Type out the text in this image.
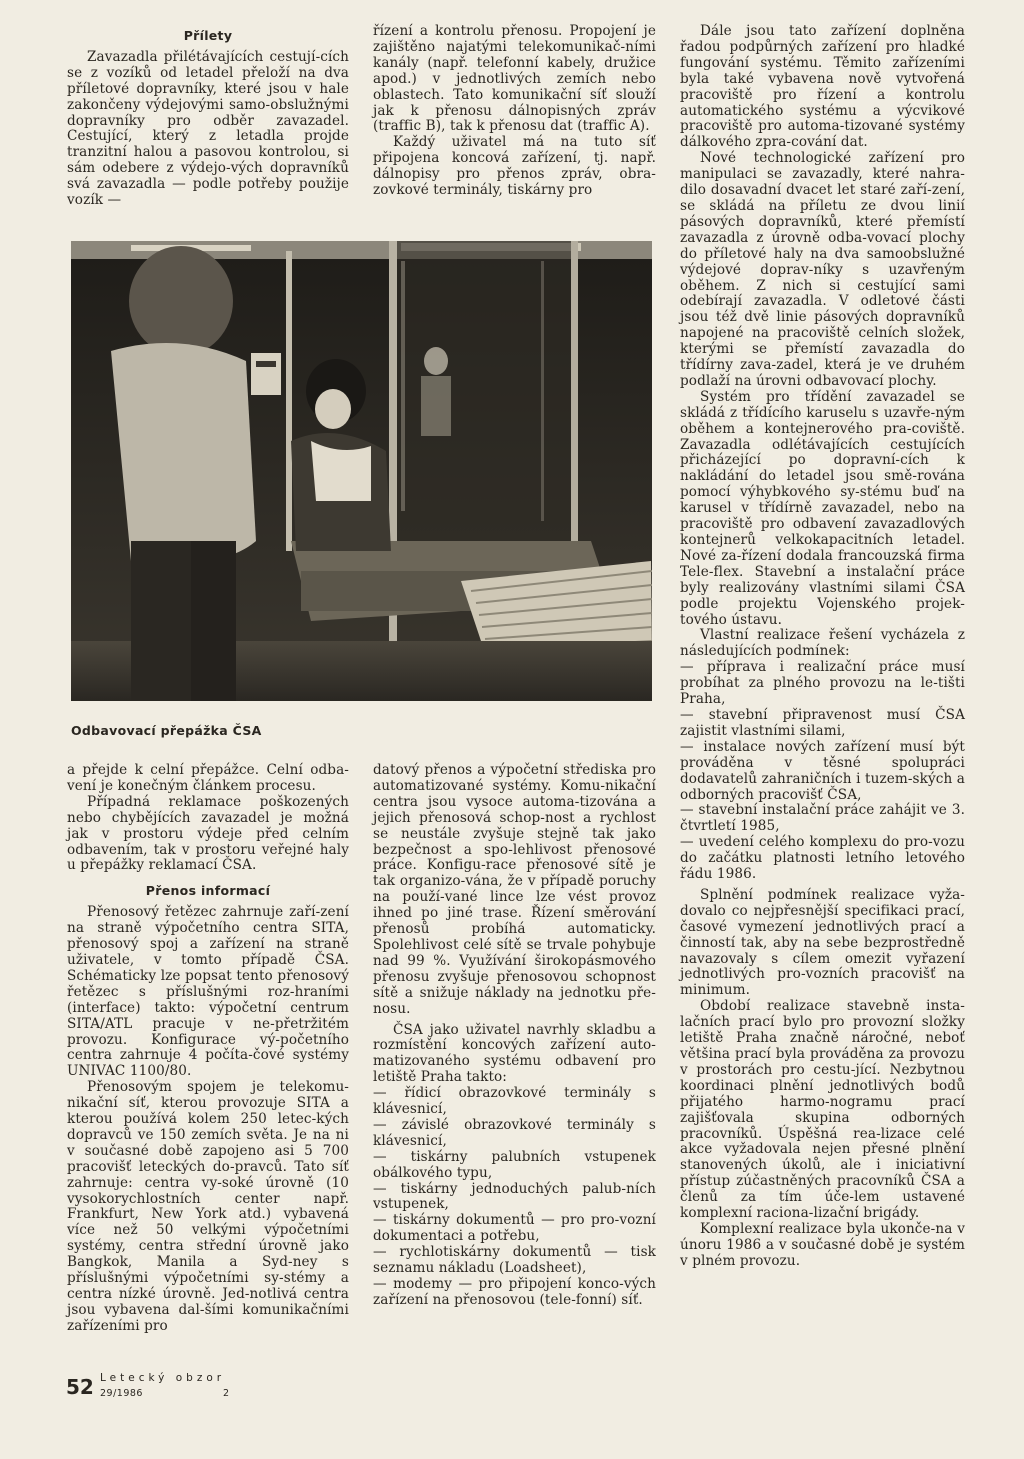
Přílety

Zavazadla přilétávajících cestují-cích se z vozíků od letadel přeloží na dva příletové dopravníky, které jsou v hale zakončeny výdejovými samo-obslužnými dopravníky pro odběr zavazadel. Cestující, který z letadla projde tranzitní halou a pasovou kontrolou, si sám odebere z výdejo-vých dopravníků svá zavazadla — podle potřeby použije vozík —

řízení a kontrolu přenosu. Propojení je zajištěno najatými telekomunikač-ními kanály (např. telefonní kabely, družice apod.) v jednotlivých zemích nebo oblastech. Tato komunikační síť slouží jak k přenosu dálnopisných zpráv (traffic B), tak k přenosu dat (traffic A).

Každý uživatel má na tuto síť připojena koncová zařízení, tj. např. dálnopisy pro přenos zpráv, obra-zovkové terminály, tiskárny pro

Odbavovací přepážka ČSA

a přejde k celní přepážce. Celní odba-vení je konečným článkem procesu.

Případná reklamace poškozených nebo chybějících zavazadel je možná jak v prostoru výdeje před celním odbavením, tak v prostoru veřejné haly u přepážky reklamací ČSA.

Přenos informací

Přenosový řetězec zahrnuje zaří-zení na straně výpočetního centra SITA, přenosový spoj a zařízení na straně uživatele, v tomto případě ČSA. Schématicky lze popsat tento přenosový řetězec s příslušnými roz-hraními (interface) takto: výpočetní centrum SITA/ATL pracuje v ne-přetržitém provozu. Konfigurace vý-početního centra zahrnuje 4 počíta-čové systémy UNIVAC 1100/80.

Přenosovým spojem je telekomu-nikační síť, kterou provozuje SITA a kterou používá kolem 250 letec-kých dopravců ve 150 zemích světa. Je na ni v současné době zapojeno asi 5 700 pracovišť leteckých do-pravců. Tato síť zahrnuje: centra vy-soké úrovně (10 vysokorychlostních center např. Frankfurt, New York atd.) vybavená více než 50 velkými výpočetními systémy, centra střední úrovně jako Bangkok, Manila a Syd-ney s příslušnými výpočetními sy-stémy a centra nízké úrovně. Jed-notlivá centra jsou vybavena dal-šími komunikačními zařízeními pro

datový přenos a výpočetní střediska pro automatizované systémy. Komu-nikační centra jsou vysoce automa-tizována a jejich přenosová schop-nost a rychlost se neustále zvyšuje stejně tak jako bezpečnost a spo-lehlivost přenosové práce. Konfigu-race přenosové sítě je tak organizo-vána, že v případě poruchy na použí-vané lince lze vést provoz ihned po jiné trase. Řízení směrování přenosů probíhá automaticky. Spolehlivost celé sítě se trvale pohybuje nad 99 %. Využívání širokopásmového přenosu zvyšuje přenosovou schopnost sítě a snižuje náklady na jednotku pře-nosu.

ČSA jako uživatel navrhly skladbu a rozmístění koncových zařízení auto-matizovaného systému odbavení pro letiště Praha takto:

— řídicí obrazovkové terminály s klávesnicí,

— závislé obrazovkové terminály s klávesnicí,

— tiskárny palubních vstupenek obálkového typu,

— tiskárny jednoduchých palub-ních vstupenek,

— tiskárny dokumentů — pro pro-vozní dokumentaci a potřebu,

— rychlotiskárny dokumentů — tisk seznamu nákladu (Loadsheet),

— modemy — pro připojení konco-vých zařízení na přenosovou (tele-fonní) síť.

Dále jsou tato zařízení doplněna řadou podpůrných zařízení pro hladké fungování systému. Těmito zařízeními byla také vybavena nově vytvořená pracoviště pro řízení a kontrolu automatického systému a výcvikové pracoviště pro automa-tizované systémy dálkového zpra-cování dat.

Nové technologické zařízení pro manipulaci se zavazadly, které nahra-dilo dosavadní dvacet let staré zaří-zení, se skládá na příletu ze dvou linií pásových dopravníků, které přemístí zavazadla z úrovně odba-vovací plochy do příletové haly na dva samoobslužné výdejové doprav-níky s uzavřeným oběhem. Z nich si cestující sami odebírají zavazadla. V odletové části jsou též dvě linie pásových dopravníků napojené na pracoviště celních složek, kterými se přemístí zavazadla do třídírny zava-zadel, která je ve druhém podlaží na úrovni odbavovací plochy.

Systém pro třídění zavazadel se skládá z třídícího karuselu s uzavře-ným oběhem a kontejnerového pra-coviště. Zavazadla odlétávajících cestujících přicházející po dopravní-cích k nakládání do letadel jsou smě-rována pomocí výhybkového sy-stému buď na karusel v třídírně zavazadel, nebo na pracoviště pro odbavení zavazadlových kontejnerů velkokapacitních letadel. Nové za-řízení dodala francouzská firma Tele-flex. Stavební a instalační práce byly realizovány vlastními silami ČSA podle projektu Vojenského projek-tového ústavu.

Vlastní realizace řešení vycházela z následujících podmínek:

— příprava i realizační práce musí probíhat za plného provozu na le-tišti Praha,

— stavební připravenost musí ČSA zajistit vlastními silami,

— instalace nových zařízení musí být prováděna v těsné spolupráci dodavatelů zahraničních i tuzem-ských a odborných pracovišť ČSA,

— stavební instalační práce zahájit ve 3. čtvrtletí 1985,

— uvedení celého komplexu do pro-vozu do začátku platnosti letního letového řádu 1986.

Splnění podmínek realizace vyža-dovalo co nejpřesnější specifikaci prací, časové vymezení jednotlivých prací a činností tak, aby na sebe bezprostředně navazovaly s cílem omezit vyřazení jednotlivých pro-vozních pracovišť na minimum.

Období realizace stavebně insta-lačních prací bylo pro provozní složky letiště Praha značně náročné, neboť většina prací byla prováděna za provozu v prostorách pro cestu-jící. Nezbytnou koordinaci plnění jednotlivých bodů přijatého harmo-nogramu prací zajišťovala skupina odborných pracovníků. Úspěšná rea-lizace celé akce vyžadovala nejen přesné plnění stanovených úkolů, ale i iniciativní přístup zúčastněných pracovníků ČSA a členů za tím úče-lem ustavené komplexní raciona-lizační brigády.

Komplexní realizace byla ukonče-na v únoru 1986 a v současné době je systém v plném provozu.

52 Letecký obzor
29/1986	2
